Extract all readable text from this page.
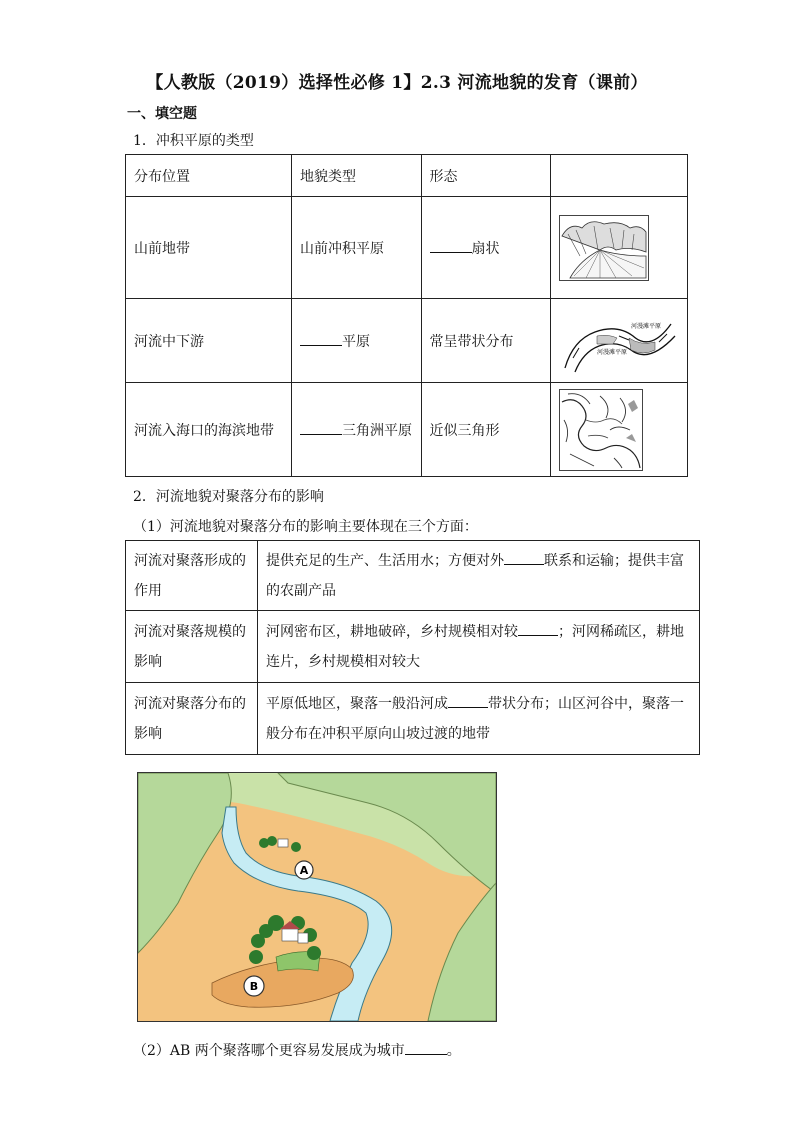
【人教版（2019）选择性必修 1】2.3 河流地貌的发育（课前）
一、填空题
1．冲积平原的类型
分布位置	地貌类型	形态	
山前地带	山前冲积平原	扇状	

河流中下游	平原	常呈带状分布	河漫滩平原
河漫滩平原

河流入海口的海滨地带	三角洲平原	近似三角形	
2．河流地貌对聚落分布的影响
（1）河流地貌对聚落分布的影响主要体现在三个方面：
河流对聚落形成的作用	提供充足的生产、生活用水；方便对外 联系和运输；提供丰富的农副产品
河流对聚落规模的影响	河网密布区，耕地破碎，乡村规模相对较 ；河网稀疏区，耕地连片，乡村规模相对较大
河流对聚落分布的影响	平原低地区，聚落一般沿河成 带状分布；山区河谷中，聚落一般分布在冲积平原向山坡过渡的地带
A
B
（2）AB 两个聚落哪个更容易发展成为城市	。
